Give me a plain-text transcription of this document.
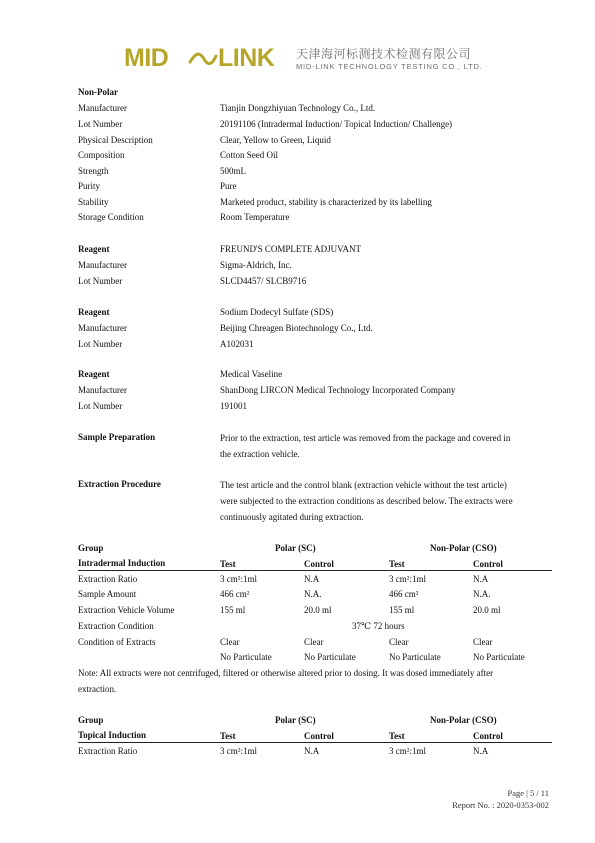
MID LINK 天津海河标测技术检测有限公司
MID-LINK TECHNOLOGY TESTING CO., LTD.
Non-Polar
Manufacturer	Tianjin Dongzhiyuan Technology Co., Ltd.
Lot Number	20191106 (Intradermal Induction/ Topical Induction/ Challenge)
Physical Description	Clear, Yellow to Green, Liquid
Composition	Cotton Seed Oil
Strength	500mL
Purity	Pure
Stability	Marketed product, stability is characterized by its labelling
Storage Condition	Room Temperature
Reagent	FREUND'S COMPLETE ADJUVANT
Manufacturer	Sigma-Aldrich, Inc.
Lot Number	SLCD4457/ SLCB9716
Reagent	Sodium Dodecyl Sulfate (SDS)
Manufacturer	Beijing Chreagen Biotechnology Co., Ltd.
Lot Number	A102031
Reagent	Medical Vaseline
Manufacturer	ShanDong LIRCON Medical Technology Incorporated Company
Lot Number	191001
Sample Preparation	Prior to the extraction, test article was removed from the package and covered in
the extraction vehicle.
Extraction Procedure	The test article and the control blank (extraction vehicle without the test article)
were subjected to the extraction conditions as described below. The extracts were
continuously agitated during extraction.
Group	Polar (SC)	Non-Polar (CSO)
Intradermal Induction	Test	Control	Test	Control
Extraction Ratio	3 cm²:1ml	N.A	3 cm²:1ml	N.A
Sample Amount	466 cm²	N.A.	466 cm²	N.A.
Extraction Vehicle Volume	155 ml	20.0 ml	155 ml	20.0 ml
Extraction Condition	37℃ 72 hours
Condition of Extracts	Clear	Clear	Clear	Clear
No Particulate	No Particulate	No Particulate	No Particulate
Note: All extracts were not centrifuged, filtered or otherwise altered prior to dosing. It was dosed immediately after
extraction.
Group	Polar (SC)	Non-Polar (CSO)
Topical Induction	Test	Control	Test	Control
Extraction Ratio	3 cm²:1ml	N.A	3 cm²:1ml	N.A
Page | 5 / 11
Report No. : 2020-0353-002
